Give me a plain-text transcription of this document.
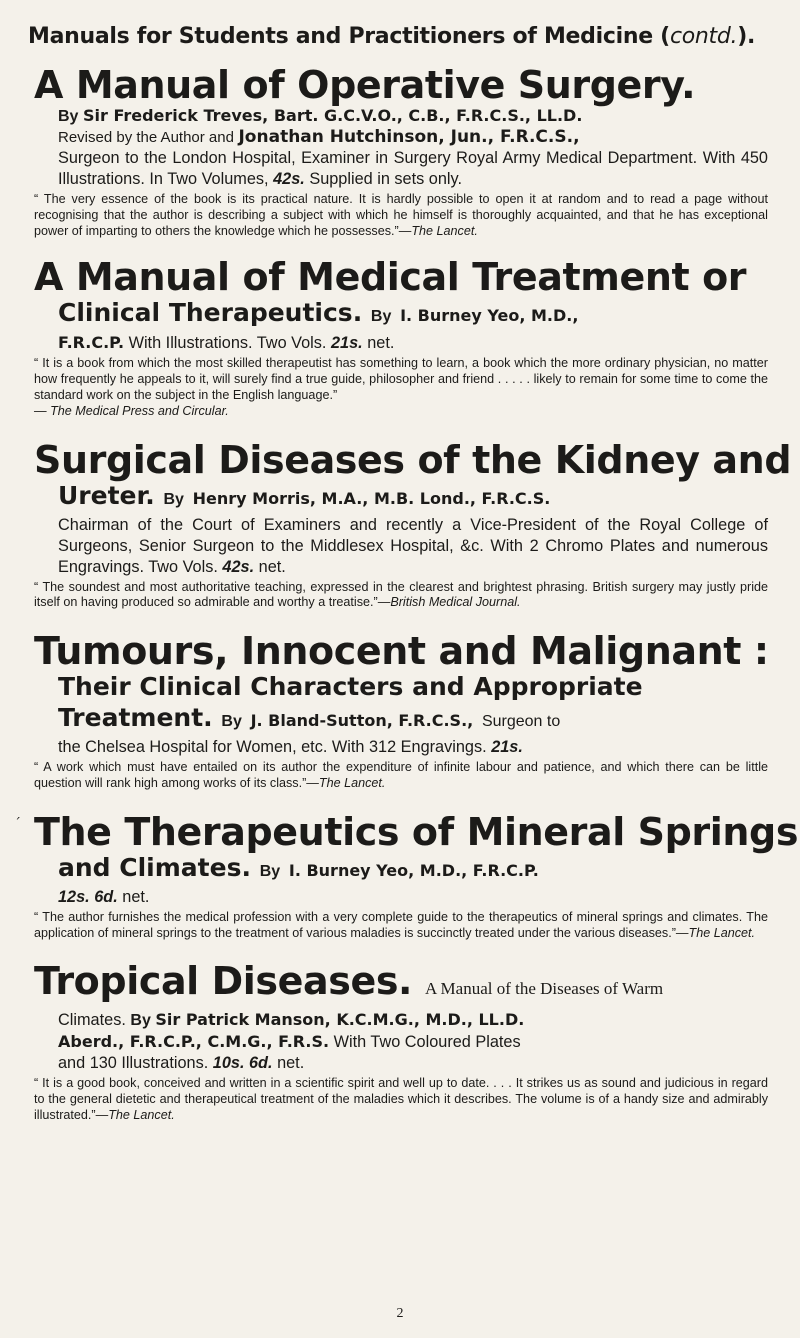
Manuals for Students and Practitioners of Medicine (contd.).
A Manual of Operative Surgery.
By Sir Frederick Treves, Bart. G.C.V.O., C.B., F.R.C.S., LL.D.
Revised by the Author and Jonathan Hutchinson, Jun., F.R.C.S.,
Surgeon to the London Hospital, Examiner in Surgery Royal Army Medical Department. With 450 Illustrations. In Two Volumes, 42s. Supplied in sets only.
“ The very essence of the book is its practical nature. It is hardly possible to open it at random and to read a page without recognising that the author is describing a subject with which he himself is thoroughly acquainted, and that he has exceptional power of imparting to others the knowledge which he possesses.”—The Lancet.
A Manual of Medical Treatment or
Clinical Therapeutics. By I. Burney Yeo, M.D.,
F.R.C.P. With Illustrations. Two Vols. 21s. net.
“ It is a book from which the most skilled therapeutist has something to learn, a book which the more ordinary physician, no matter how frequently he appeals to it, will surely find a true guide, philosopher and friend . . . . . likely to remain for some time to come the standard work on the subject in the English language.”
— The Medical Press and Circular.
Surgical Diseases of the Kidney and
Ureter. By Henry Morris, M.A., M.B. Lond., F.R.C.S.
Chairman of the Court of Examiners and recently a Vice-President of the Royal College of Surgeons, Senior Surgeon to the Middlesex Hospital, &c. With 2 Chromo Plates and numerous Engravings. Two Vols. 42s. net.
“ The soundest and most authoritative teaching, expressed in the clearest and brightest phrasing. British surgery may justly pride itself on having produced so admirable and worthy a treatise.”—British Medical Journal.
Tumours, Innocent and Malignant :
Their Clinical Characters and Appropriate
Treatment. By J. Bland-Sutton, F.R.C.S., Surgeon to
the Chelsea Hospital for Women, etc. With 312 Engravings. 21s.
“ A work which must have entailed on its author the expenditure of infinite labour and patience, and which there can be little question will rank high among works of its class.”—The Lancet.
ˊ The Therapeutics of Mineral Springs
and Climates. By I. Burney Yeo, M.D., F.R.C.P.
12s. 6d. net.
“ The author furnishes the medical profession with a very complete guide to the therapeutics of mineral springs and climates. The application of mineral springs to the treatment of various maladies is succinctly treated under the various diseases.”—The Lancet.
Tropical Diseases. A Manual of the Diseases of Warm
Climates. By Sir Patrick Manson, K.C.M.G., M.D., LL.D.
Aberd., F.R.C.P., C.M.G., F.R.S. With Two Coloured Plates
and 130 Illustrations. 10s. 6d. net.
“ It is a good book, conceived and written in a scientific spirit and well up to date. . . . It strikes us as sound and judicious in regard to the general dietetic and therapeutical treatment of the maladies which it describes. The volume is of a handy size and admirably illustrated.”—The Lancet.
2
